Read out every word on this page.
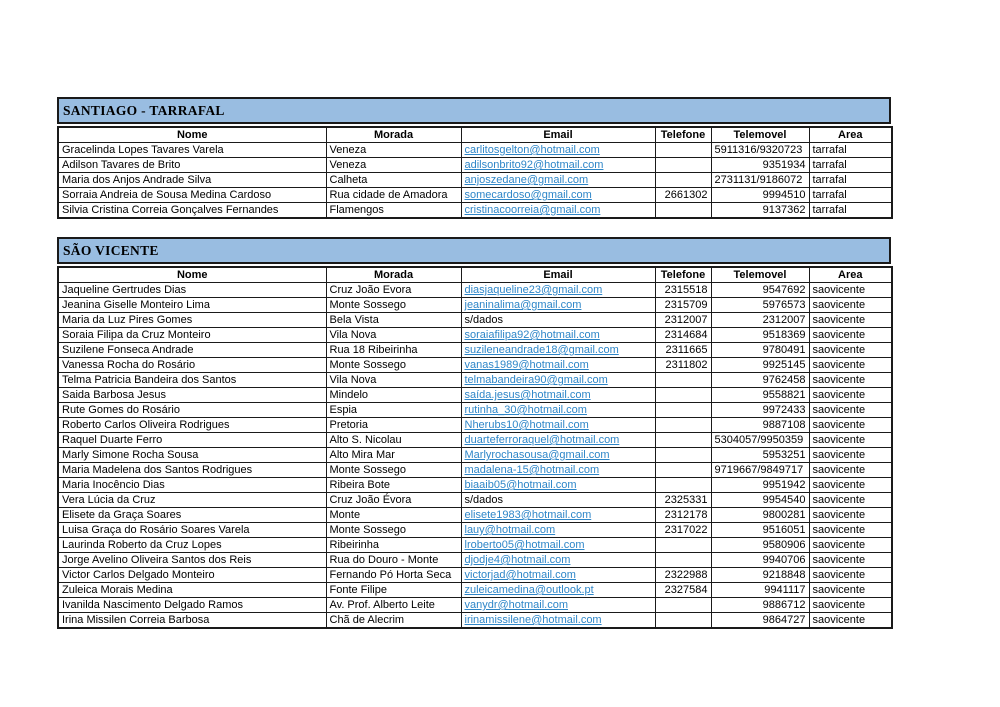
SANTIAGO - TARRAFAL
Nome	Morada	Email	Telefone	Telemovel	Area
Gracelinda Lopes Tavares Varela	Veneza	carlitosgelton@hotmail.com		5911316/9320723	tarrafal
Adilson Tavares de Brito	Veneza	adilsonbrito92@hotmail.com		9351934	tarrafal
Maria dos Anjos Andrade Silva	Calheta	anjoszedane@gmail.com		2731131/9186072	tarrafal
Sorraia Andreia de Sousa Medina Cardoso	Rua cidade de Amadora	somecardoso@gmail.com	2661302	9994510	tarrafal
Silvia Cristina Correia Gonçalves Fernandes	Flamengos	cristinacoorreia@gmail.com		9137362	tarrafal
SÃO VICENTE
Nome	Morada	Email	Telefone	Telemovel	Area
Jaqueline Gertrudes Dias	Cruz João Evora	diasjaqueline23@gmail.com	2315518	9547692	saovicente
Jeanina Giselle Monteiro Lima	Monte Sossego	jeaninalima@gmail.com	2315709	5976573	saovicente
Maria da Luz Pires Gomes	Bela Vista	s/dados	2312007	2312007	saovicente
Soraia Filipa da Cruz Monteiro	Vila Nova	soraiafilipa92@hotmail.com	2314684	9518369	saovicente
Suzilene Fonseca Andrade	Rua 18 Ribeirinha	suzileneandrade18@gmail.com	2311665	9780491	saovicente
Vanessa Rocha do Rosário	Monte Sossego	vanas1989@hotmail.com	2311802	9925145	saovicente
Telma Patricia Bandeira dos Santos	Vila Nova	telmabandeira90@gmail.com		9762458	saovicente
Saida Barbosa Jesus	Mindelo	saída.jesus@hotmail.com		9558821	saovicente
Rute Gomes do Rosário	Espia	rutinha_30@hotmail.com		9972433	saovicente
Roberto Carlos Oliveira Rodrigues	Pretoria	Nherubs10@hotmail.com		9887108	saovicente
Raquel Duarte Ferro	Alto S. Nicolau	duarteferroraquel@hotmail.com		5304057/9950359	saovicente
Marly Simone Rocha Sousa	Alto Mira Mar	Marlyrochasousa@gmail.com		5953251	saovicente
Maria Madelena dos Santos Rodrigues	Monte Sossego	madalena-15@hotmail.com		9719667/9849717	saovicente
Maria Inocêncio Dias	Ribeira Bote	biaaib05@hotmail.com		9951942	saovicente
Vera Lúcia da Cruz	Cruz João Évora	s/dados	2325331	9954540	saovicente
Elisete da Graça Soares	Monte	elisete1983@hotmail.com	2312178	9800281	saovicente
Luisa Graça do Rosário Soares Varela	Monte Sossego	lauy@hotmail.com	2317022	9516051	saovicente
Laurinda Roberto da Cruz Lopes	Ribeirinha	lroberto05@hotmail.com		9580906	saovicente
Jorge Avelino Oliveira Santos dos Reis	Rua do Douro - Monte	djodje4@hotmail.com		9940706	saovicente
Victor Carlos Delgado Monteiro	Fernando Pó Horta Seca	victorjad@hotmail.com	2322988	9218848	saovicente
Zuleica Morais Medina	Fonte Filipe	zuleicamedina@outlook.pt	2327584	9941117	saovicente
Ivanilda Nascimento Delgado Ramos	Av. Prof. Alberto Leite	vanydr@hotmail.com		9886712	saovicente
Irina Missilen Correia Barbosa	Chã de Alecrim	irinamissilene@hotmail.com		9864727	saovicente
